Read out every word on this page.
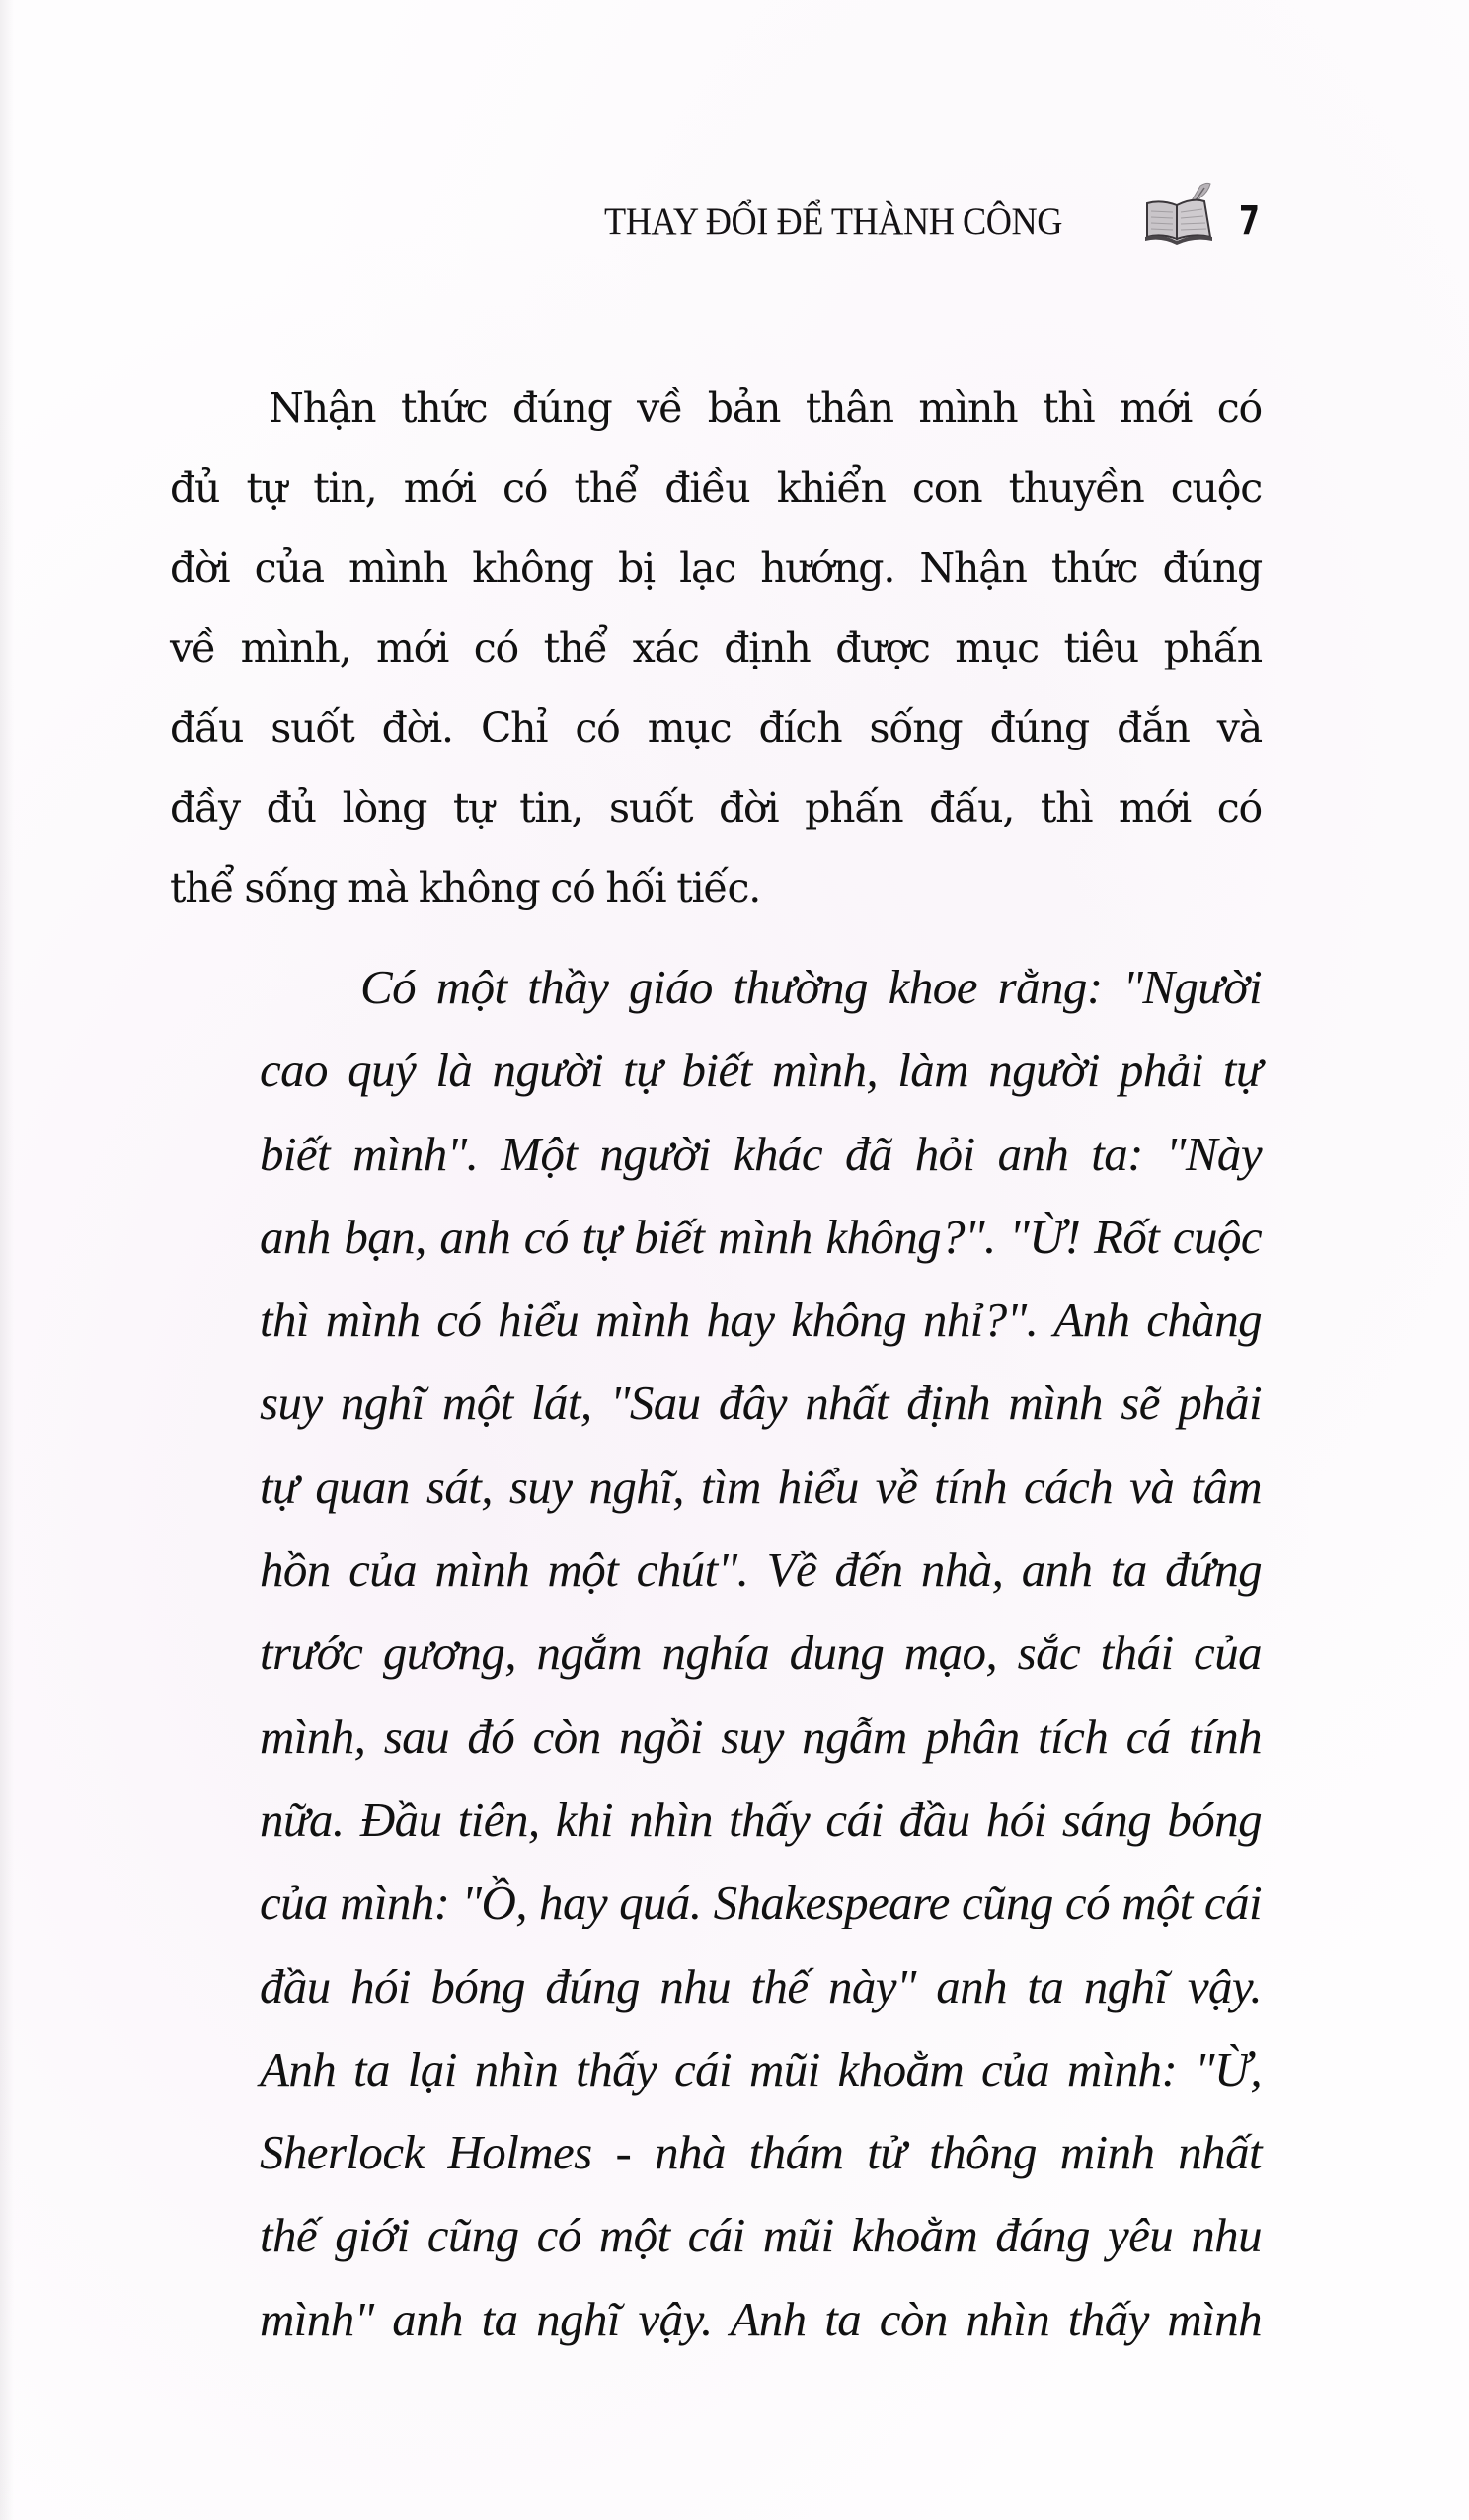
THAY ĐỔI ĐỂ THÀNH CÔNG	7
Nhận thức đúng về bản thân mình thì mới có
đủ tự tin, mới có thể điều khiển con thuyền cuộc
đời của mình không bị lạc hướng. Nhận thức đúng
về mình, mới có thể xác định được mục tiêu phấn
đấu suốt đời. Chỉ có mục đích sống đúng đắn và
đầy đủ lòng tự tin, suốt đời phấn đấu, thì mới có
thể sống mà không có hối tiếc.
Có một thầy giáo thường khoe rằng: "Người
cao quý là người tự biết mình, làm người phải tự
biết mình". Một người khác đã hỏi anh ta: "Này
anh bạn, anh có tự biết mình không?". "Ừ! Rốt cuộc
thì mình có hiểu mình hay không nhỉ?". Anh chàng
suy nghĩ một lát, "Sau đây nhất định mình sẽ phải
tự quan sát, suy nghĩ, tìm hiểu về tính cách và tâm
hồn của mình một chút". Về đến nhà, anh ta đứng
trước gương, ngắm nghía dung mạo, sắc thái của
mình, sau đó còn ngồi suy ngẫm phân tích cá tính
nữa. Đầu tiên, khi nhìn thấy cái đầu hói sáng bóng
của mình: "Ồ, hay quá. Shakespeare cũng có một cái
đầu hói bóng đúng nhu thế này" anh ta nghĩ vậy.
Anh ta lại nhìn thấy cái mũi khoằm của mình: "Ừ,
Sherlock Holmes - nhà thám tử thông minh nhất
thế giới cũng có một cái mũi khoằm đáng yêu nhu
mình" anh ta nghĩ vậy. Anh ta còn nhìn thấy mình
